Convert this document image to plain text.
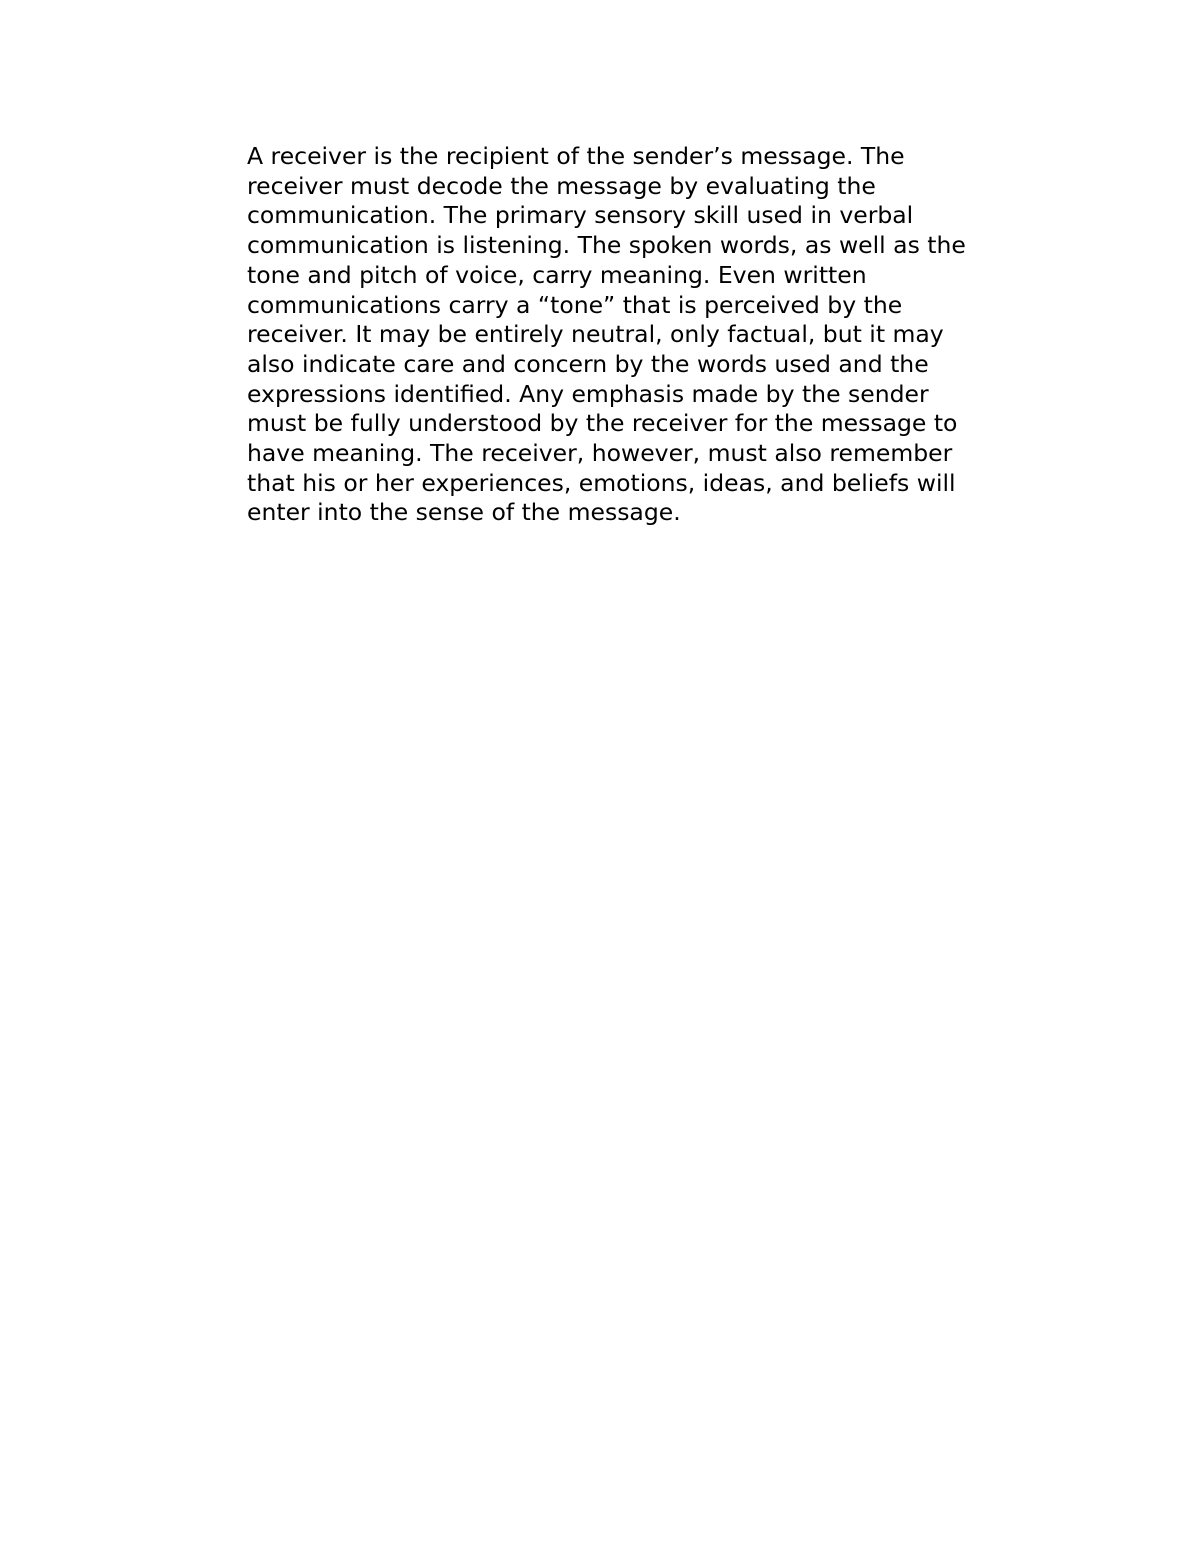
A receiver is the recipient of the sender’s message. The
receiver must decode the message by evaluating the
communication. The primary sensory skill used in verbal
communication is listening. The spoken words, as well as the
tone and pitch of voice, carry meaning. Even written
communications carry a “tone” that is perceived by the
receiver. It may be entirely neutral, only factual, but it may
also indicate care and concern by the words used and the
expressions identified. Any emphasis made by the sender
must be fully understood by the receiver for the message to
have meaning. The receiver, however, must also remember
that his or her experiences, emotions, ideas, and beliefs will
enter into the sense of the message.
